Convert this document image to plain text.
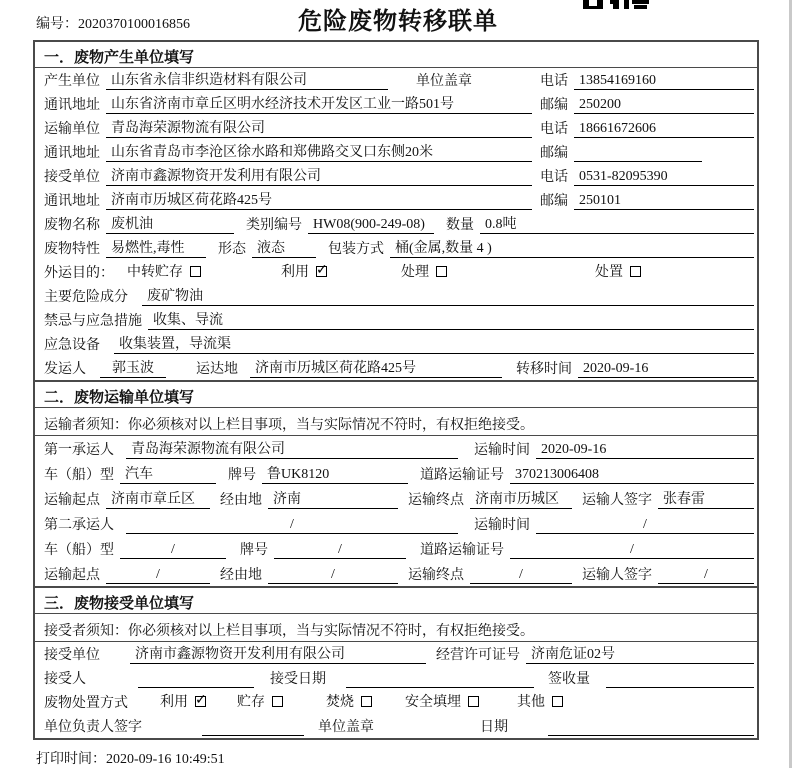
编号：2020370100016856	危险废物转移联单
一．废物产生单位填写
产生单位 山东省永信非织造材料有限公司	单位盖章	电话 13854169160
通讯地址 山东省济南市章丘区明水经济技术开发区工业一路501号	邮编 250200
运输单位 青岛海荣源物流有限公司	电话 18661672606
通讯地址 山东省青岛市李沧区徐水路和郑佛路交叉口东侧20米	邮编
接受单位 济南市鑫源物资开发利用有限公司	电话 0531-82095390
通讯地址 济南市历城区荷花路425号	邮编 250101
废物名称 废机油	类别编号 HW08(900-249-08)	数量 0.8吨
废物特性 易燃性,毒性	形态 液态	包装方式 桶(金属,数量 4 )
外运目的： 中转贮存	利用 ✓	处理	处置
主要危险成分	废矿物油
禁忌与应急措施 收集、导流
应急设备	收集装置，导流渠
发运人	郭玉波	运达地	济南市历城区荷花路425号	转移时间 2020-09-16
二．废物运输单位填写
运输者须知：你必须核对以上栏目事项，当与实际情况不符时，有权拒绝接受。
第一承运人	青岛海荣源物流有限公司	运输时间 2020-09-16
车（船）型 汽车	牌号 鲁UK8120	道路运输证号 370213006408
运输起点 济南市章丘区	经由地 济南	运输终点 济南市历城区	运输人签字 张春雷
第二承运人	/	运输时间	/
车（船）型	/	牌号	/	道路运输证号	/
运输起点	/	经由地	/	运输终点	/	运输人签字	/
三．废物接受单位填写
接受者须知：你必须核对以上栏目事项，当与实际情况不符时，有权拒绝接受。
接受单位	济南市鑫源物资开发利用有限公司	经营许可证号 济南危证02号
接受人	接受日期	签收量
废物处置方式 利用 ✓	贮存	焚烧	安全填埋	其他
单位负责人签字	单位盖章	日期
打印时间：2020-09-16 10:49:51
